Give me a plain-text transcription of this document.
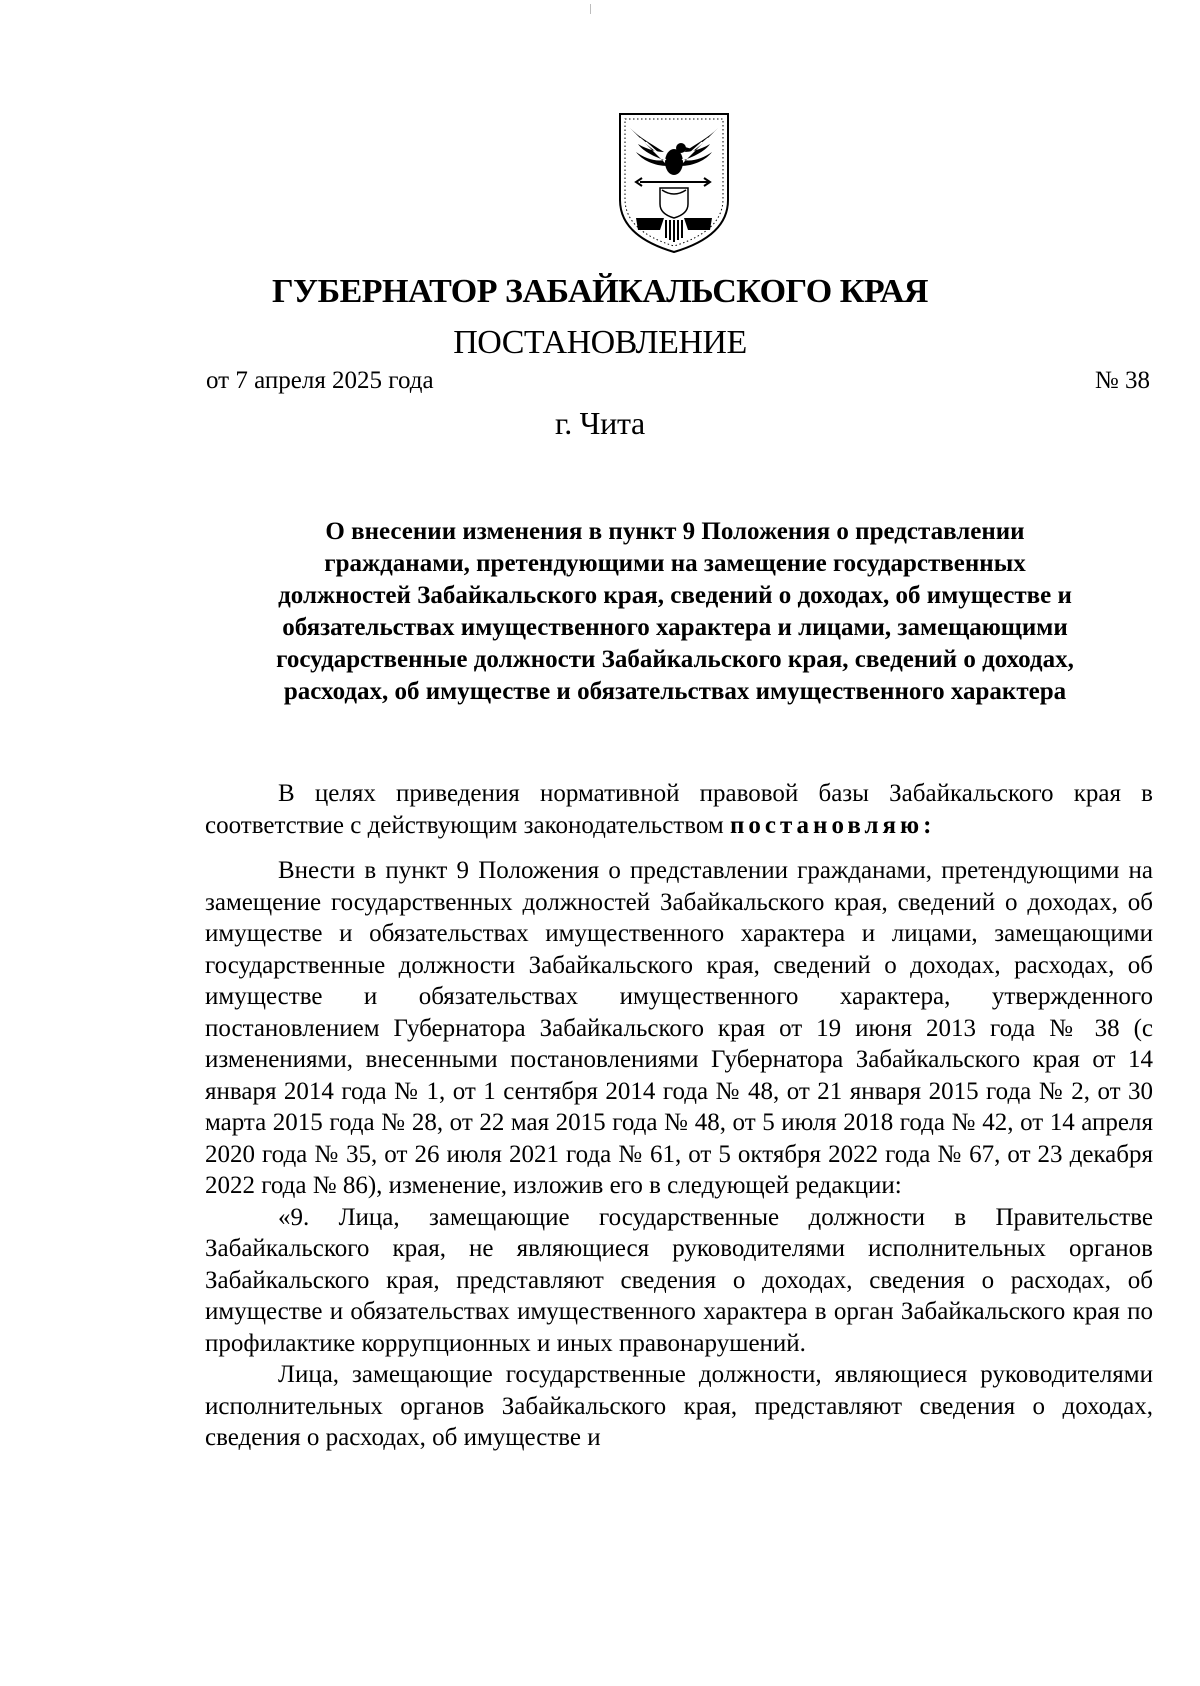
ГУБЕРНАТОР ЗАБАЙКАЛЬСКОГО КРАЯ
ПОСТАНОВЛЕНИЕ
от 7 апреля 2025 года	№ 38
г. Чита
О внесении изменения в пункт 9 Положения о представлении
гражданами, претендующими на замещение государственных
должностей Забайкальского края, сведений о доходах, об имуществе и
обязательствах имущественного характера и лицами, замещающими
государственные должности Забайкальского края, сведений о доходах,
расходах, об имуществе и обязательствах имущественного характера

В целях приведения нормативной правовой базы Забайкальского края в соответствие с действующим законодательством постановляю:

Внести в пункт 9 Положения о представлении гражданами, претендующими на замещение государственных должностей Забайкальского края, сведений о доходах, об имуществе и обязательствах имущественного характера и лицами, замещающими государственные должности Забайкальского края, сведений о доходах, расходах, об имуществе и обязательствах имущественного характера, утвержденного постановлением Губернатора Забайкальского края от 19 июня 2013 года № 38 (с изменениями, внесенными постановлениями Губернатора Забайкальского края от 14 января 2014 года № 1, от 1 сентября 2014 года № 48, от 21 января 2015 года № 2, от 30 марта 2015 года № 28, от 22 мая 2015 года № 48, от 5 июля 2018 года № 42, от 14 апреля 2020 года № 35, от 26 июля 2021 года № 61, от 5 октября 2022 года № 67, от 23 декабря 2022 года № 86), изменение, изложив его в следующей редакции:

«9. Лица, замещающие государственные должности в Правительстве Забайкальского края, не являющиеся руководителями исполнительных органов Забайкальского края, представляют сведения о доходах, сведения о расходах, об имуществе и обязательствах имущественного характера в орган Забайкальского края по профилактике коррупционных и иных правонарушений.

Лица, замещающие государственные должности, являющиеся руководителями исполнительных органов Забайкальского края, представляют сведения о доходах, сведения о расходах, об имуществе и
